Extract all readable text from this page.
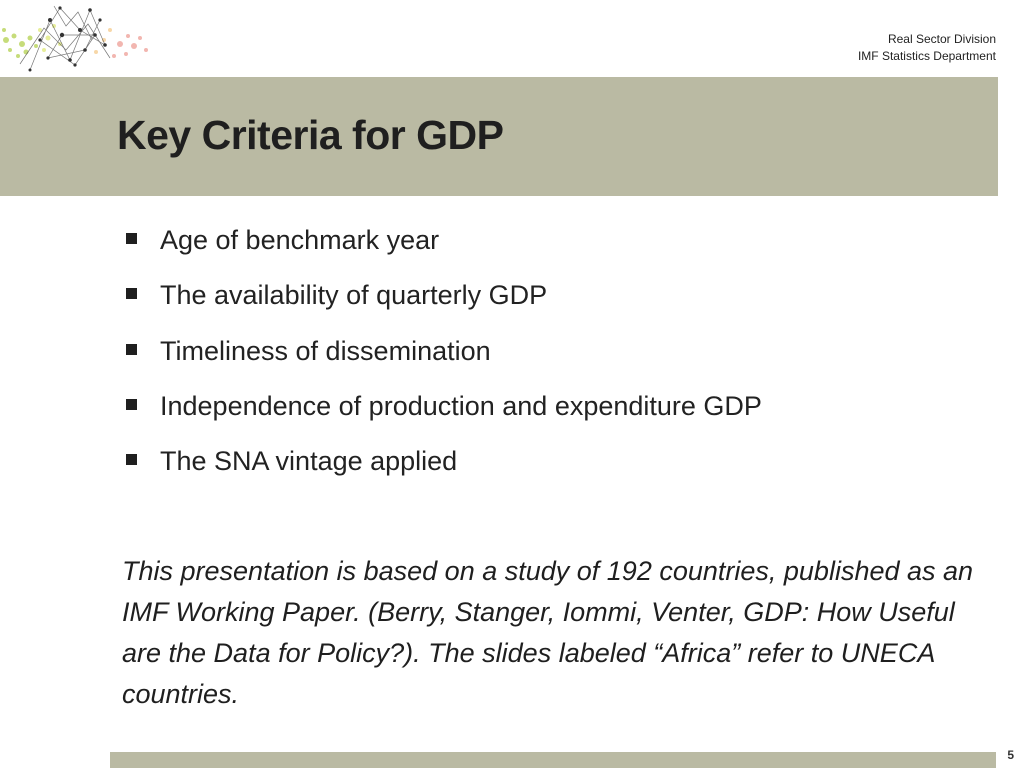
Real Sector Division
IMF Statistics Department
Key Criteria for GDP
Age of benchmark year
The availability of quarterly GDP
Timeliness of dissemination
Independence of production and expenditure GDP
The SNA vintage applied

This presentation is based on a study of 192 countries, published as an IMF Working Paper. (Berry, Stanger, Iommi, Venter, GDP: How Useful are the Data for Policy?). The slides labeled “Africa” refer to UNECA countries.

5
